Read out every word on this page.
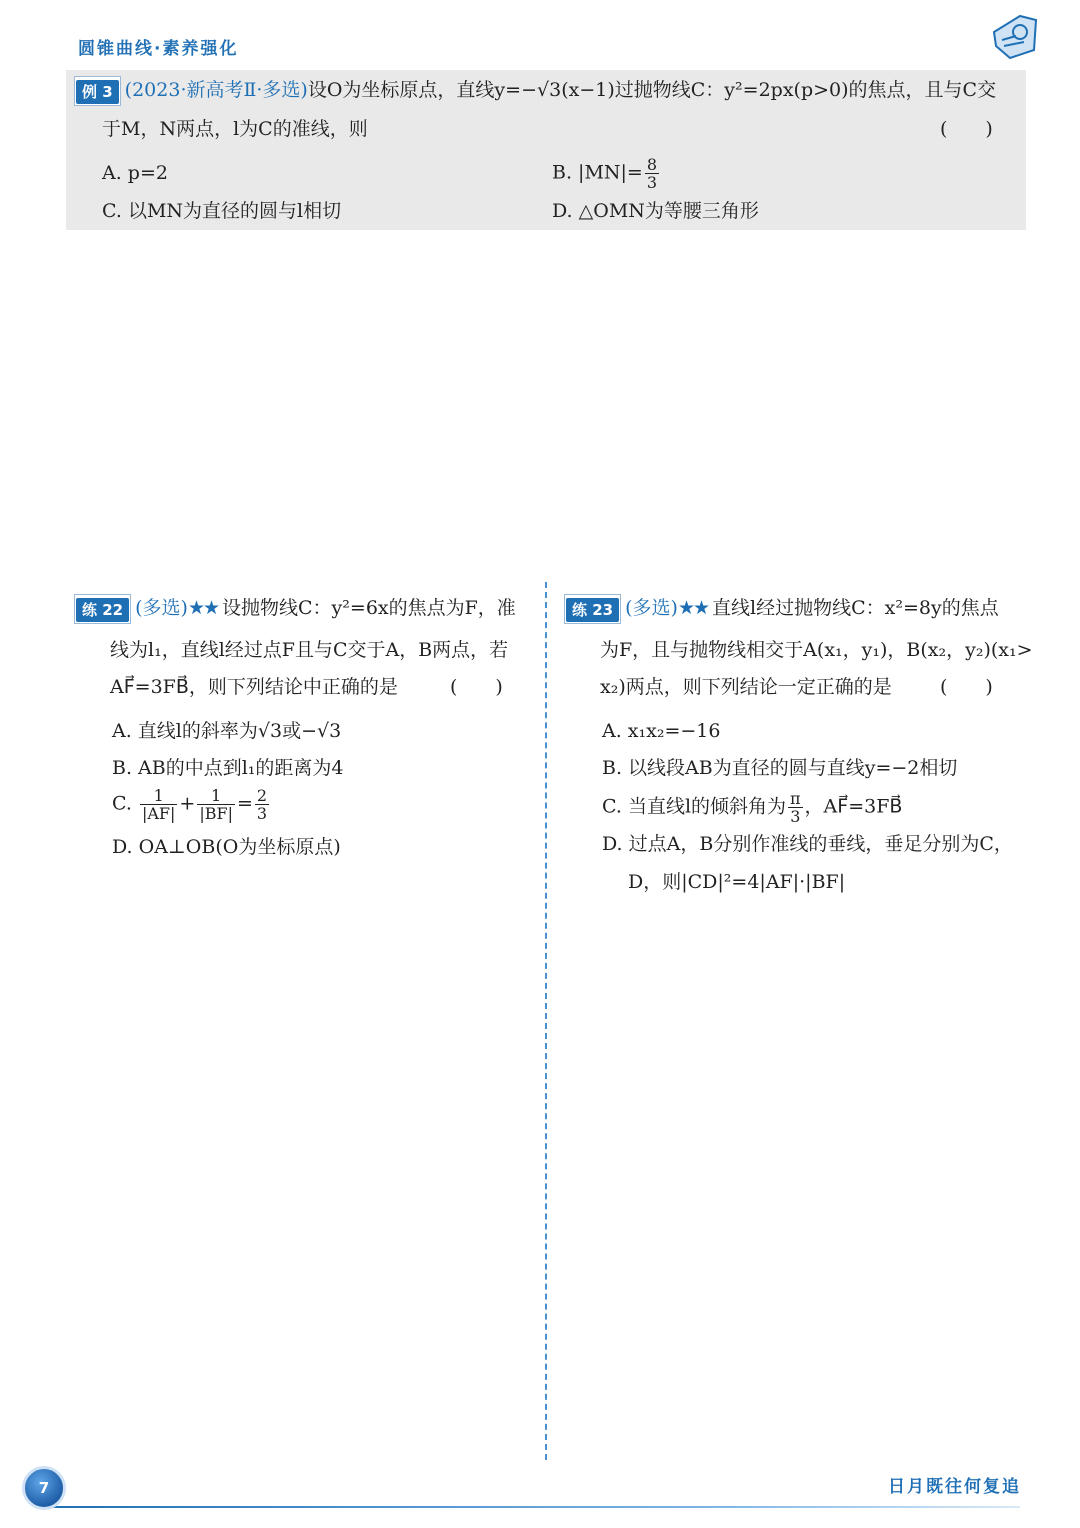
圆锥曲线·素养强化
例 3 (2023·新高考Ⅱ·多选)设O为坐标原点，直线y=−√3(x−1)过抛物线C：y²=2px(p>0)的焦点，且与C交
于M，N两点，l为C的准线，则	(　　)
A. p=2	B. $|MN|= \frac{8}{3}$
C. 以MN为直径的圆与l相切	D. △OMN为等腰三角形
练 22 (多选)★★ 设抛物线C：y²=6x的焦点为F，准
线为l₁，直线l经过点F且与C交于A，B两点，若
AF⃗=3FB⃗，则下列结论中正确的是	(　　)
A. 直线l的斜率为√3或−√3
B. AB的中点到l₁的距离为4
C. $\frac{1}{|AF|} + \frac{1}{|BF|} = \frac{2}{3}$
D. OA⊥OB(O为坐标原点)
练 23 (多选)★★ 直线l经过抛物线C：x²=8y的焦点
为F，且与抛物线相交于A(x₁，y₁)，B(x₂，y₂)(x₁>
x₂)两点，则下列结论一定正确的是	(　　)
A. x₁x₂=−16
B. 以线段AB为直径的圆与直线y=−2相切
C. 当直线l的倾斜角为 $\frac{\pi}{3}$ ，AF⃗=3FB⃗
D. 过点A，B分别作准线的垂线，垂足分别为C，
D，则|CD|²=4|AF|·|BF|
7	日月既往何复追
